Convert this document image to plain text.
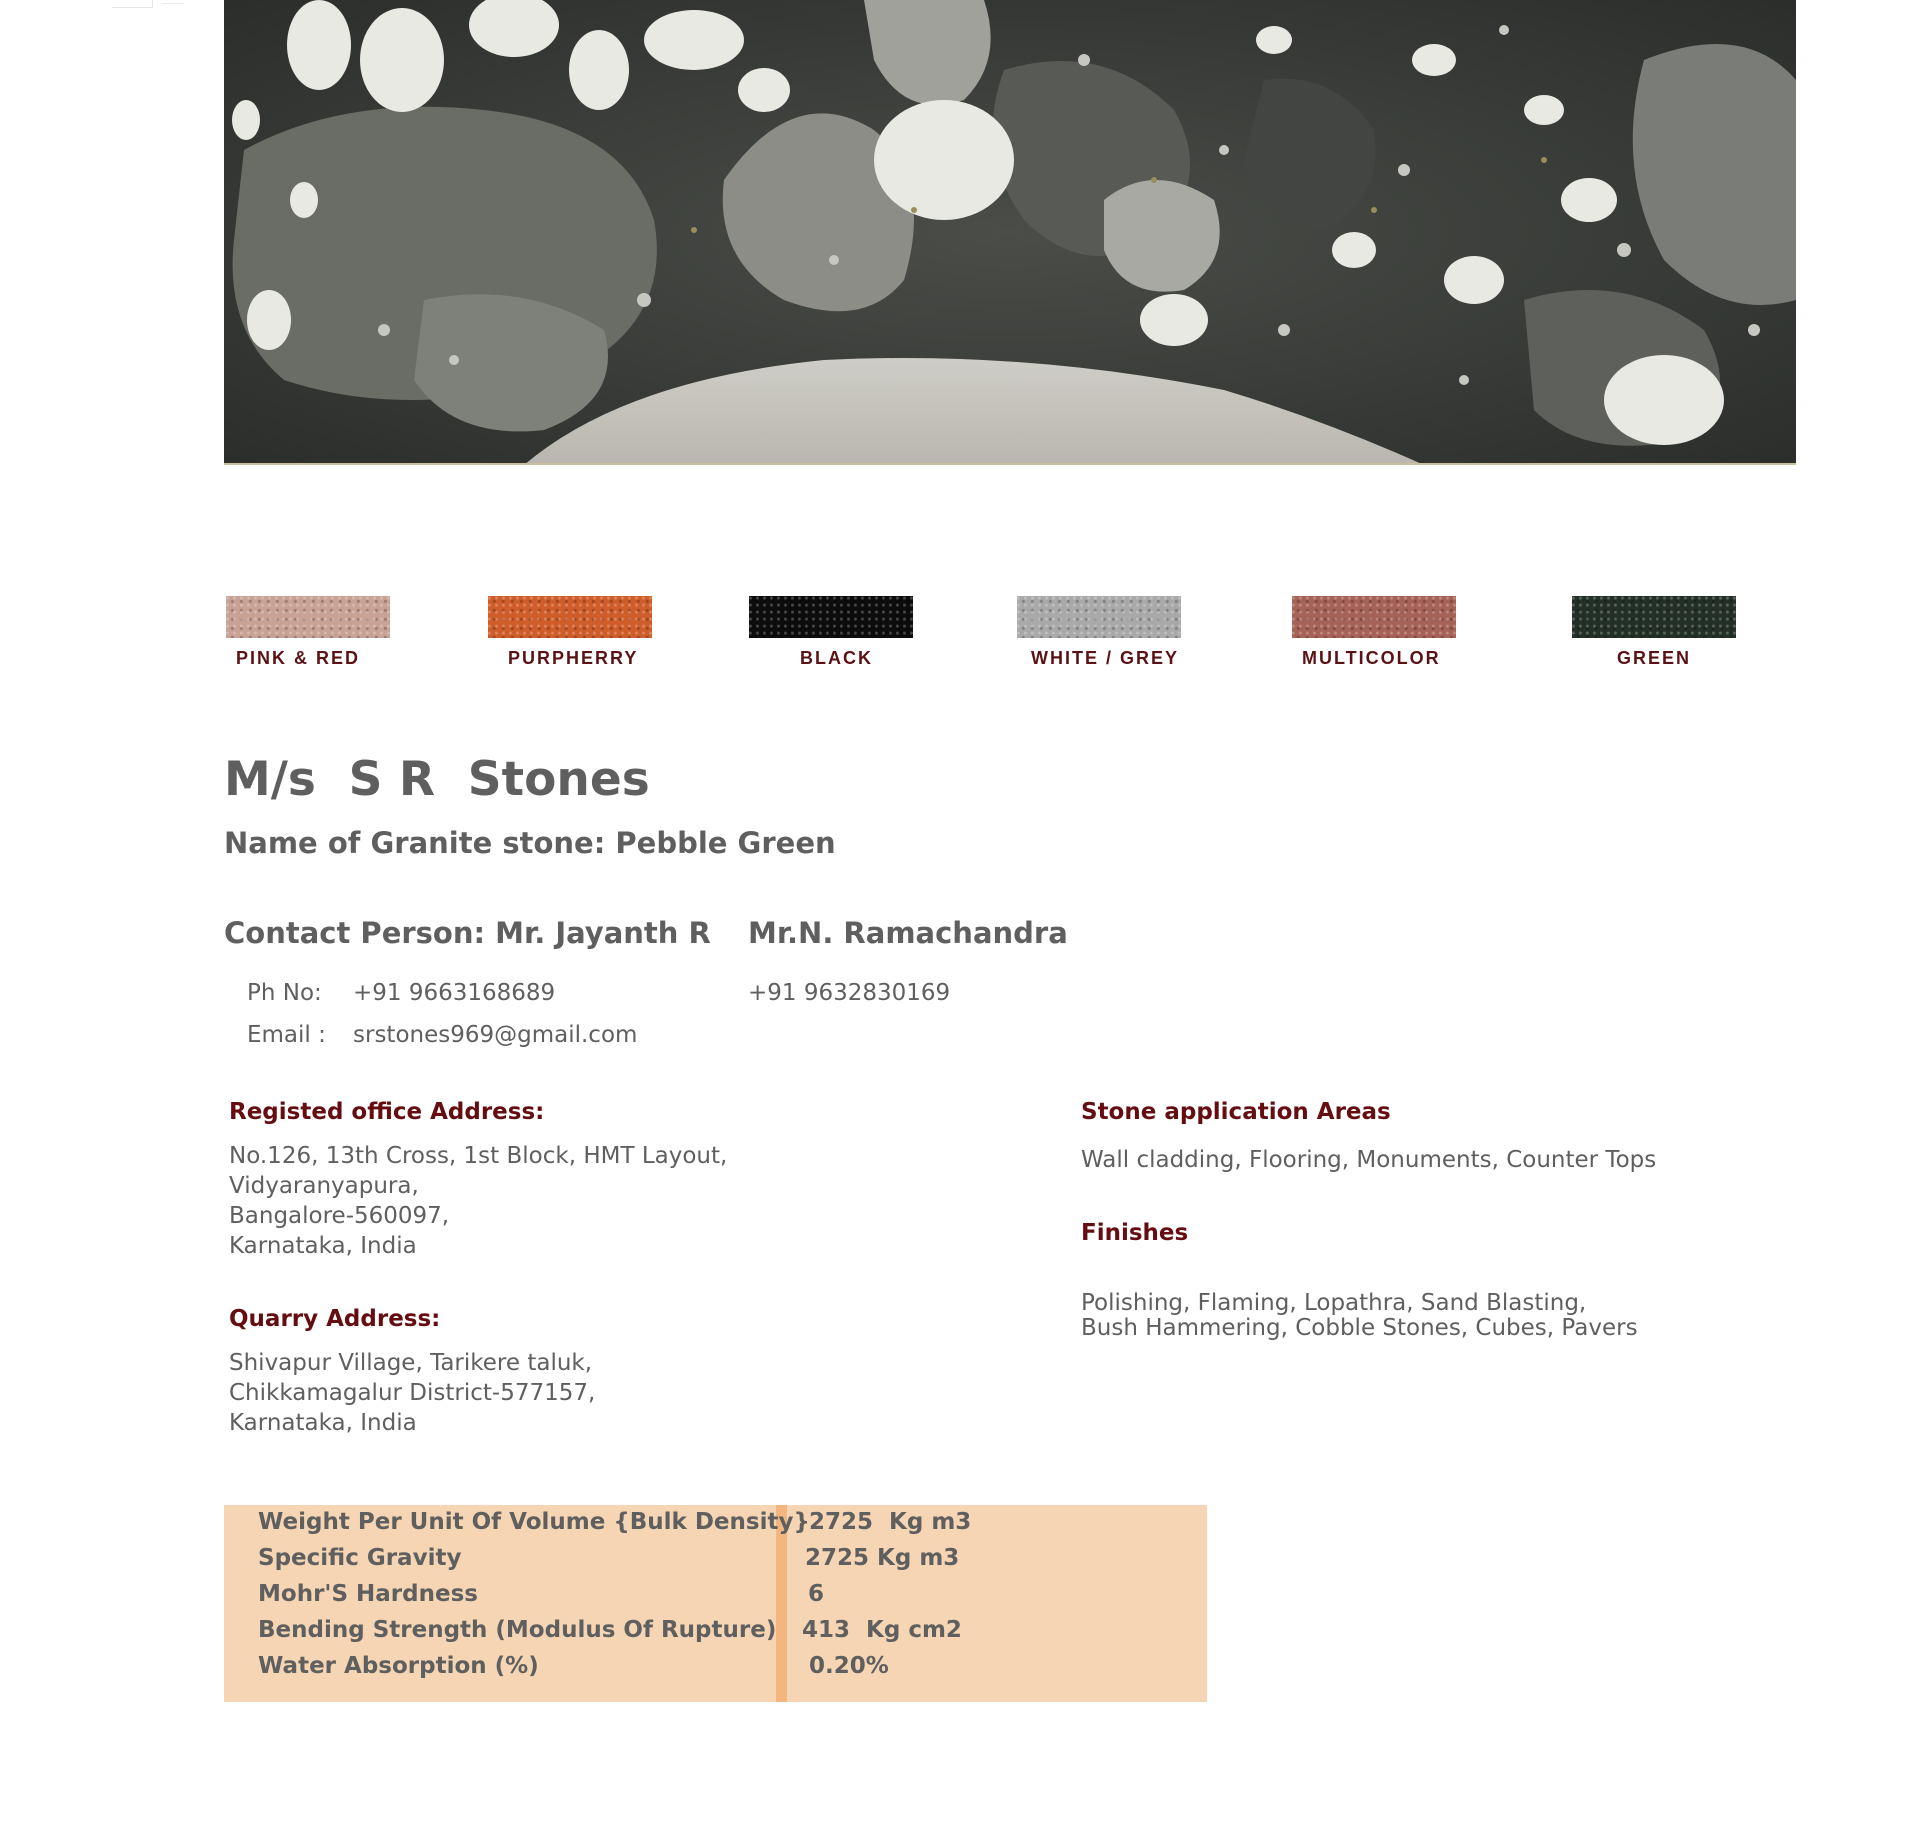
PINK & RED	PURPHERRY	BLACK	WHITE / GREY	MULTICOLOR	GREEN
M/s  S R  Stones
Name of Granite stone: Pebble Green
Contact Person: Mr. Jayanth R Mr.N. Ramachandra
Ph No: +91 9663168689	+91 9632830169
Email : srstones969@gmail.com
Registed office Address:
No.126, 13th Cross, 1st Block, HMT Layout,
Vidyaranyapura,
Bangalore-560097,
Karnataka, India
Quarry Address:
Shivapur Village, Tarikere taluk,
Chikkamagalur District-577157,
Karnataka, India
Stone application Areas
Wall cladding, Flooring, Monuments, Counter Tops
Finishes
Polishing, Flaming, Lopathra, Sand Blasting,
Bush Hammering, Cobble Stones, Cubes, Pavers
Weight Per Unit Of Volume {Bulk Density} 2725  Kg m3
Specific Gravity	2725 Kg m3
Mohr'S Hardness	6
Bending Strength (Modulus Of Rupture) 413  Kg cm2
Water Absorption (%)	0.20%
